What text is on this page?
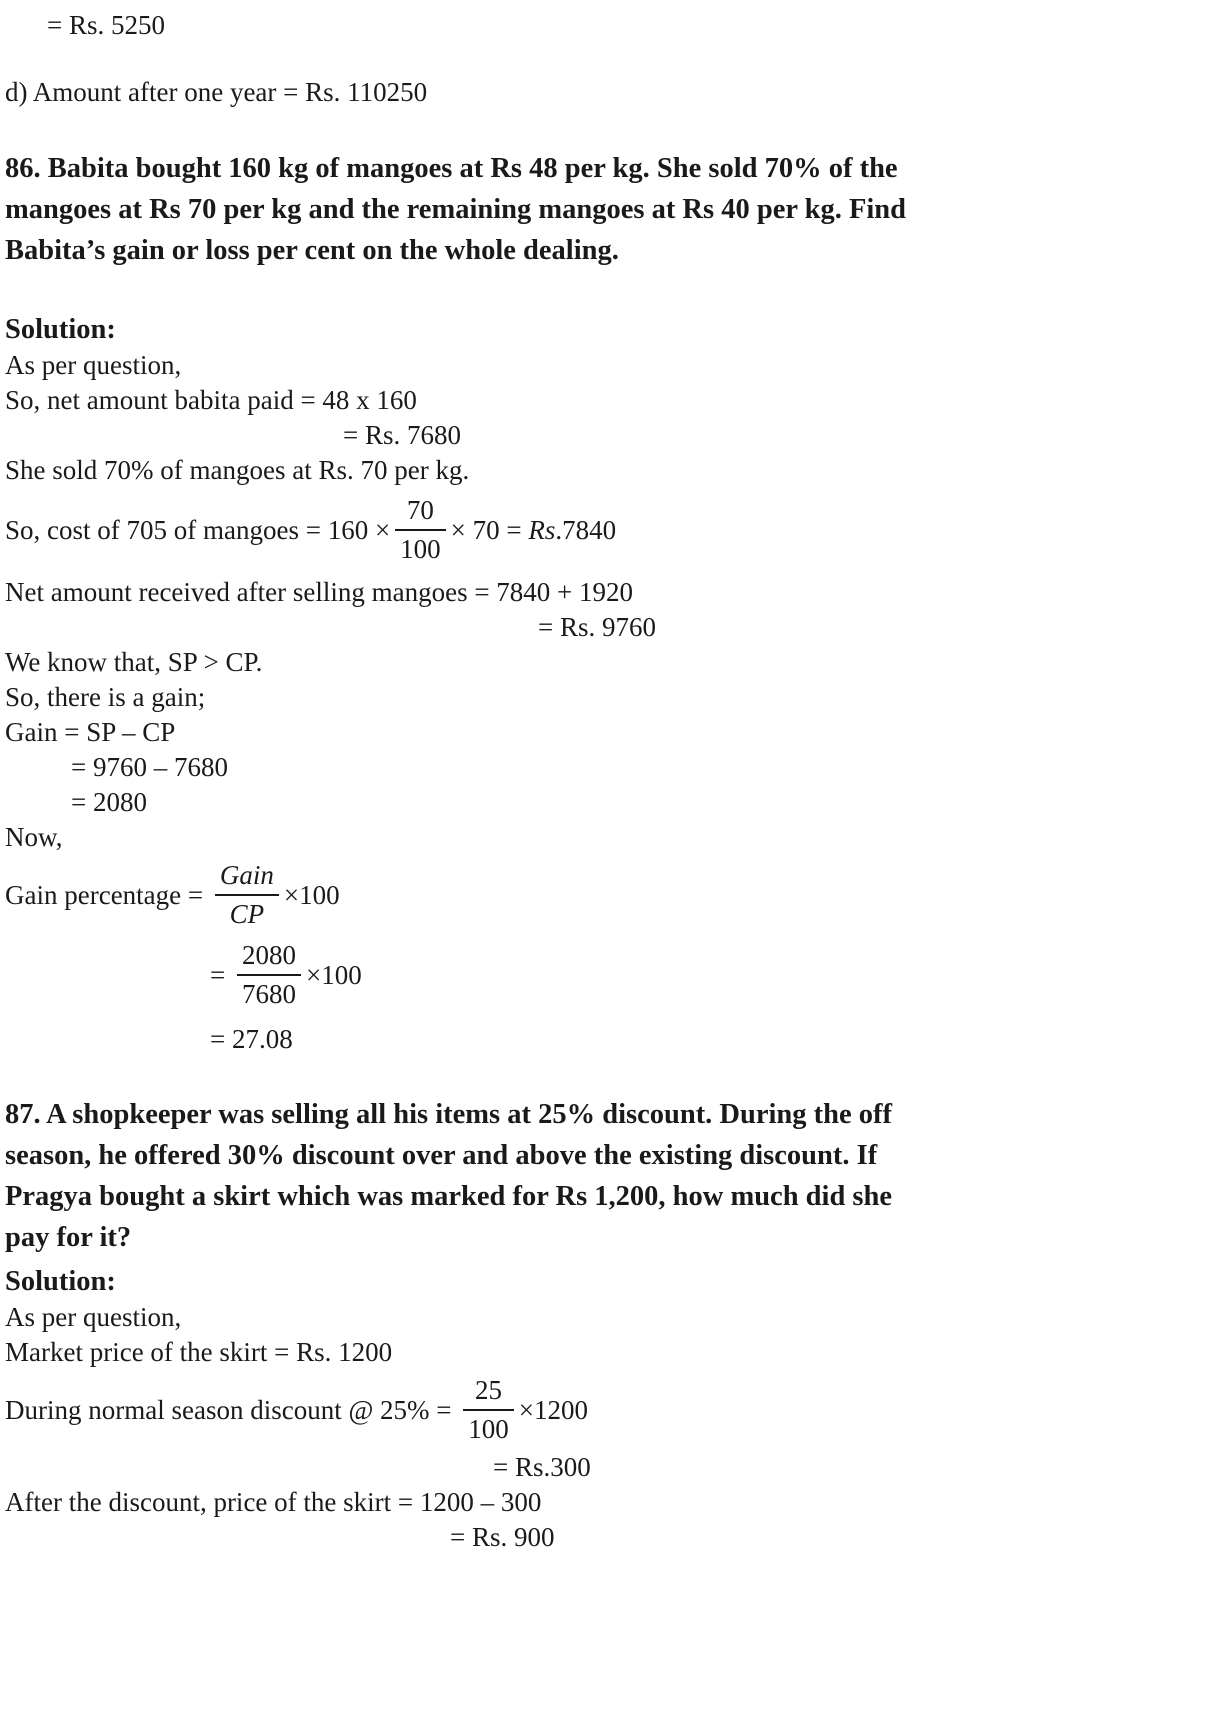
= Rs. 5250
d) Amount after one year = Rs. 110250
86. Babita bought 160 kg of mangoes at Rs 48 per kg. She sold 70% of the
mangoes at Rs 70 per kg and the remaining mangoes at Rs 40 per kg. Find
Babita’s gain or loss per cent on the whole dealing.
Solution:
As per question,
So, net amount babita paid = 48 x 160
= Rs. 7680
She sold 70% of mangoes at Rs. 70 per kg.
So, cost of 705 of mangoes = $160 \times \frac{70}{100} \times 70 = Rs$ .7840
Net amount received after selling mangoes = 7840 + 1920
= Rs. 9760
We know that, SP > CP.
So, there is a gain;
Gain = SP – CP
= 9760 – 7680
= 2080
Now,
Gain percentage = $\frac{\text{Gain}}{CP} \times 100$
= $\frac{2080}{7680} \times 100$
= 27.08
87. A shopkeeper was selling all his items at 25% discount. During the off
season, he offered 30% discount over and above the existing discount. If
Pragya bought a skirt which was marked for Rs 1,200, how much did she
pay for it?
Solution:
As per question,
Market price of the skirt = Rs. 1200
During normal season discount @ $25\% = \frac{25}{100} \times 1200$
= Rs.300
After the discount, price of the skirt = 1200 – 300
= Rs. 900
